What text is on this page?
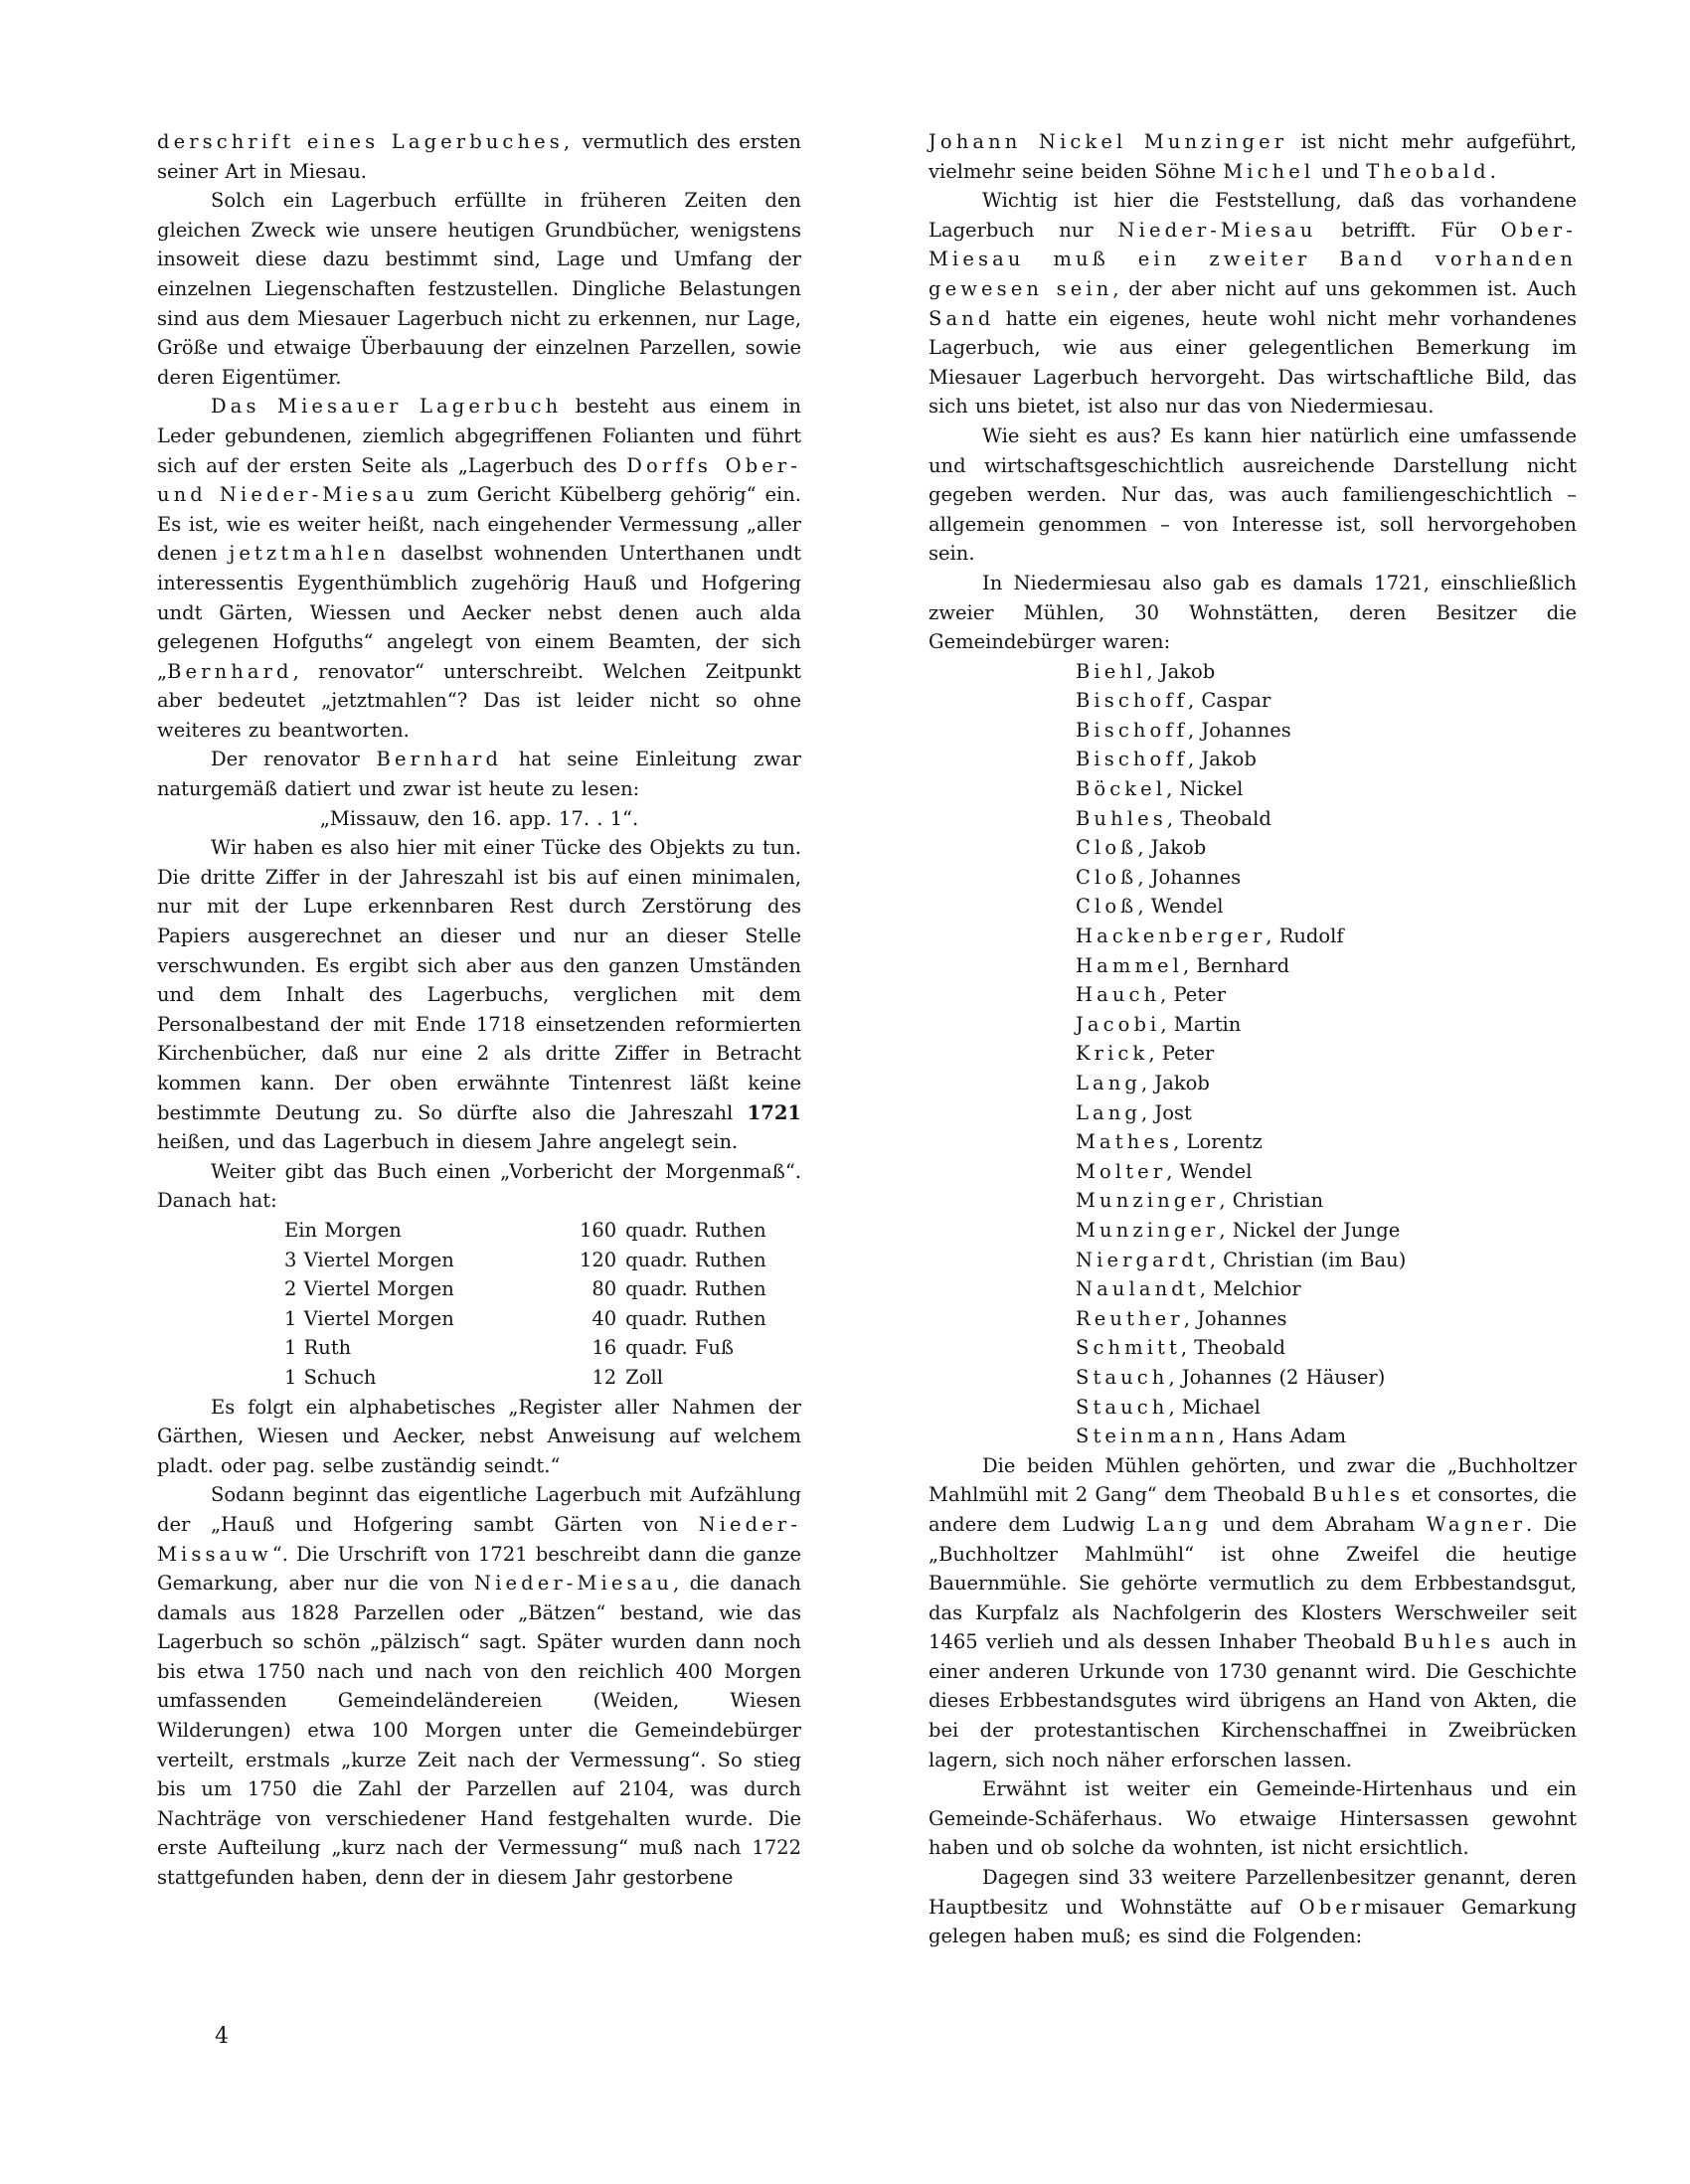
derschrift eines Lagerbuches, vermutlich des ersten seiner Art in Miesau.

Solch ein Lagerbuch erfüllte in früheren Zeiten den gleichen Zweck wie unsere heutigen Grundbücher, wenigstens insoweit diese dazu bestimmt sind, Lage und Umfang der einzelnen Liegenschaften festzustellen. Dingliche Belastungen sind aus dem Miesauer Lagerbuch nicht zu erkennen, nur Lage, Größe und etwaige Überbauung der einzelnen Parzellen, sowie deren Eigentümer.

Das Miesauer Lagerbuch besteht aus einem in Leder gebundenen, ziemlich abgegriffenen Folianten und führt sich auf der ersten Seite als „Lagerbuch des Dorffs Ober- und Nieder-Miesau zum Gericht Kübelberg gehörig“ ein. Es ist, wie es weiter heißt, nach eingehender Vermessung „aller denen jetztmahlen daselbst wohnenden Unterthanen undt interessentis Eygenthümblich zugehörig Hauß und Hofgering undt Gärten, Wiessen und Aecker nebst denen auch alda gelegenen Hofguths“ angelegt von einem Beamten, der sich „Bernhard, renovator“ unterschreibt. Welchen Zeitpunkt aber bedeutet „jetztmahlen“? Das ist leider nicht so ohne weiteres zu beantworten.

Der renovator Bernhard hat seine Einleitung zwar naturgemäß datiert und zwar ist heute zu lesen:

„Missauw, den 16. app. 17. . 1“.

Wir haben es also hier mit einer Tücke des Objekts zu tun. Die dritte Ziffer in der Jahreszahl ist bis auf einen minimalen, nur mit der Lupe erkennbaren Rest durch Zerstörung des Papiers ausgerechnet an dieser und nur an dieser Stelle verschwunden. Es ergibt sich aber aus den ganzen Umständen und dem Inhalt des Lagerbuchs, verglichen mit dem Personalbestand der mit Ende 1718 einsetzenden reformierten Kirchenbücher, daß nur eine 2 als dritte Ziffer in Betracht kommen kann. Der oben erwähnte Tintenrest läßt keine bestimmte Deutung zu. So dürfte also die Jahreszahl 1721 heißen, und das Lagerbuch in diesem Jahre angelegt sein.

Weiter gibt das Buch einen „Vorbericht der Morgenmaß“. Danach hat:

Ein Morgen	160 quadr. Ruthen
3 Viertel Morgen	120 quadr. Ruthen
2 Viertel Morgen	80 quadr. Ruthen
1 Viertel Morgen	40 quadr. Ruthen
1 Ruth	16 quadr. Fuß
1 Schuch	12 Zoll

Es folgt ein alphabetisches „Register aller Nahmen der Gärthen, Wiesen und Aecker, nebst Anweisung auf welchem pladt. oder pag. selbe zuständig seindt.“

Sodann beginnt das eigentliche Lagerbuch mit Aufzählung der „Hauß und Hofgering sambt Gärten von Nieder-Missauw“. Die Urschrift von 1721 beschreibt dann die ganze Gemarkung, aber nur die von Nieder-Miesau, die danach damals aus 1828 Parzellen oder „Bätzen“ bestand, wie das Lagerbuch so schön „pälzisch“ sagt. Später wurden dann noch bis etwa 1750 nach und nach von den reichlich 400 Morgen umfassenden Gemeindeländereien (Weiden, Wiesen Wilderungen) etwa 100 Morgen unter die Gemeindebürger verteilt, erstmals „kurze Zeit nach der Vermessung“. So stieg bis um 1750 die Zahl der Parzellen auf 2104, was durch Nachträge von verschiedener Hand festgehalten wurde. Die erste Aufteilung „kurz nach der Vermessung“ muß nach 1722 stattgefunden haben, denn der in diesem Jahr gestorbene

Johann Nickel Munzinger ist nicht mehr aufgeführt, vielmehr seine beiden Söhne Michel und Theobald.

Wichtig ist hier die Feststellung, daß das vorhandene Lagerbuch nur Nieder-Miesau betrifft. Für Ober-Miesau muß ein zweiter Band vorhanden gewesen sein, der aber nicht auf uns gekommen ist. Auch Sand hatte ein eigenes, heute wohl nicht mehr vorhandenes Lagerbuch, wie aus einer gelegentlichen Bemerkung im Miesauer Lagerbuch hervorgeht. Das wirtschaftliche Bild, das sich uns bietet, ist also nur das von Niedermiesau.

Wie sieht es aus? Es kann hier natürlich eine umfassende und wirtschaftsgeschichtlich ausreichende Darstellung nicht gegeben werden. Nur das, was auch familiengeschichtlich – allgemein genommen – von Interesse ist, soll hervorgehoben sein.

In Niedermiesau also gab es damals 1721, einschließlich zweier Mühlen, 30 Wohnstätten, deren Besitzer die Gemeindebürger waren:

Biehl, Jakob
Bischoff, Caspar
Bischoff, Johannes
Bischoff, Jakob
Böckel, Nickel
Buhles, Theobald
Cloß, Jakob
Cloß, Johannes
Cloß, Wendel
Hackenberger, Rudolf
Hammel, Bernhard
Hauch, Peter
Jacobi, Martin
Krick, Peter
Lang, Jakob
Lang, Jost
Mathes, Lorentz
Molter, Wendel
Munzinger, Christian
Munzinger, Nickel der Junge
Niergardt, Christian (im Bau)
Naulandt, Melchior
Reuther, Johannes
Schmitt, Theobald
Stauch, Johannes (2 Häuser)
Stauch, Michael
Steinmann, Hans Adam

Die beiden Mühlen gehörten, und zwar die „Buchholtzer Mahlmühl mit 2 Gang“ dem Theobald Buhles et consortes, die andere dem Ludwig Lang und dem Abraham Wagner. Die „Buchholtzer Mahlmühl“ ist ohne Zweifel die heutige Bauernmühle. Sie gehörte vermutlich zu dem Erbbestandsgut, das Kurpfalz als Nachfolgerin des Klosters Werschweiler seit 1465 verlieh und als dessen Inhaber Theobald Buhles auch in einer anderen Urkunde von 1730 genannt wird. Die Geschichte dieses Erbbestandsgutes wird übrigens an Hand von Akten, die bei der protestantischen Kirchenschaffnei in Zweibrücken lagern, sich noch näher erforschen lassen.

Erwähnt ist weiter ein Gemeinde-Hirtenhaus und ein Gemeinde-Schäferhaus. Wo etwaige Hintersassen gewohnt haben und ob solche da wohnten, ist nicht ersichtlich.

Dagegen sind 33 weitere Parzellenbesitzer genannt, deren Hauptbesitz und Wohnstätte auf Obermisauer Gemarkung gelegen haben muß; es sind die Folgenden:

4
